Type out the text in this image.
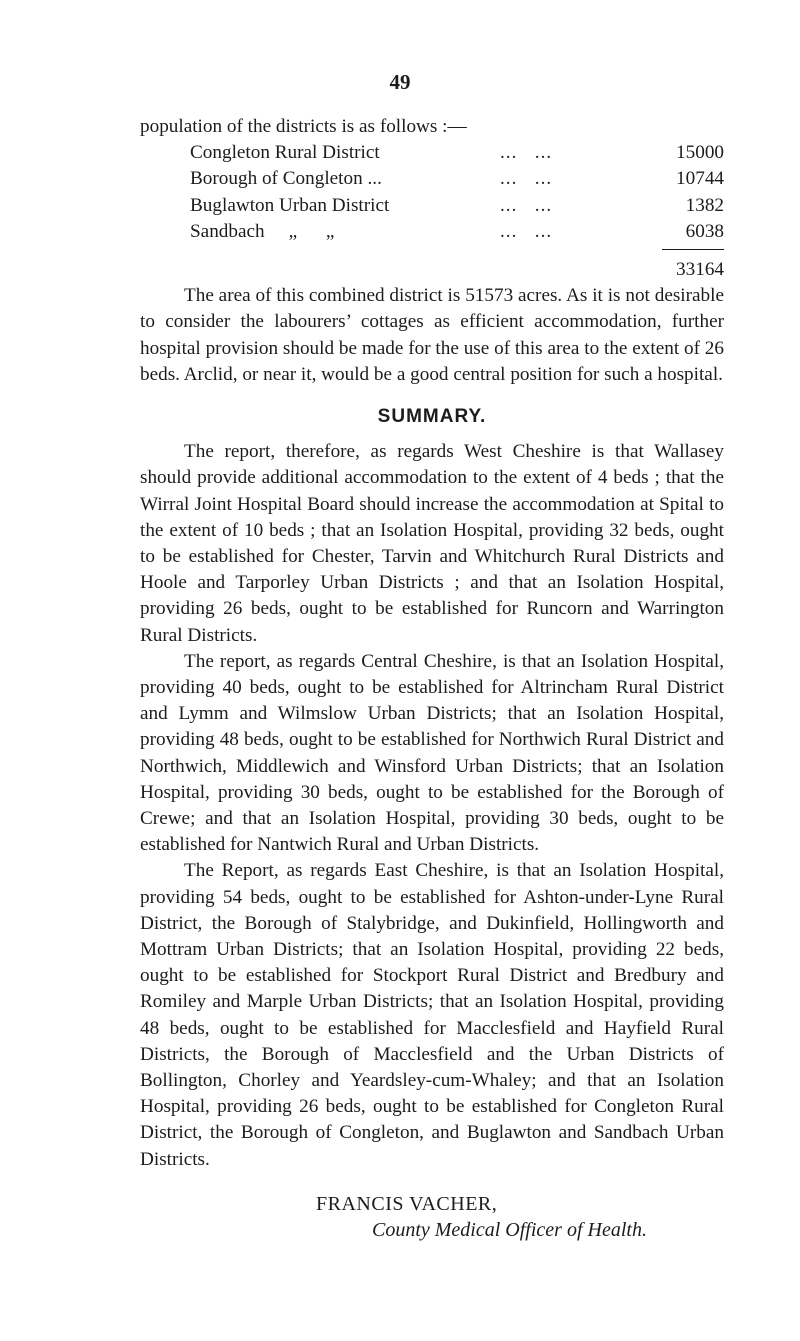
49

population of the districts is as follows :—

Congleton Rural District	...   ...	15000
Borough of Congleton ...	...   ...	10744
Buglawton Urban District	...   ...	1382
Sandbach     „      „	...   ...	6038
33164

The area of this combined district is 51573 acres. As it is not desirable to consider the labourers’ cottages as efficient accommodation, further hospital provision should be made for the use of this area to the extent of 26 beds. Arclid, or near it, would be a good central position for such a hospital.

SUMMARY.

The report, therefore, as regards West Cheshire is that Wallasey should provide additional accommodation to the extent of 4 beds ; that the Wirral Joint Hospital Board should increase the accommodation at Spital to the extent of 10 beds ; that an Isolation Hospital, providing 32 beds, ought to be established for Chester, Tarvin and Whitchurch Rural Districts and Hoole and Tarporley Urban Districts ; and that an Isolation Hospital, providing 26 beds, ought to be established for Runcorn and Warrington Rural Districts.

The report, as regards Central Cheshire, is that an Isolation Hospital, providing 40 beds, ought to be established for Altrincham Rural District and Lymm and Wilmslow Urban Districts; that an Isolation Hospital, providing 48 beds, ought to be established for Northwich Rural District and Northwich, Middlewich and Winsford Urban Districts; that an Isolation Hospital, providing 30 beds, ought to be established for the Borough of Crewe; and that an Isolation Hospital, providing 30 beds, ought to be established for Nantwich Rural and Urban Districts.

The Report, as regards East Cheshire, is that an Isolation Hospital, providing 54 beds, ought to be established for Ashton-under-Lyne Rural District, the Borough of Stalybridge, and Dukinfield, Hollingworth and Mottram Urban Districts; that an Isolation Hospital, providing 22 beds, ought to be established for Stockport Rural District and Bredbury and Romiley and Marple Urban Districts; that an Isolation Hospital, providing 48 beds, ought to be established for Macclesfield and Hayfield Rural Districts, the Borough of Macclesfield and the Urban Districts of Bollington, Chorley and Yeardsley-cum-Whaley; and that an Isolation Hospital, providing 26 beds, ought to be established for Congleton Rural District, the Borough of Congleton, and Buglawton and Sandbach Urban Districts.

FRANCIS VACHER,
County Medical Officer of Health.
